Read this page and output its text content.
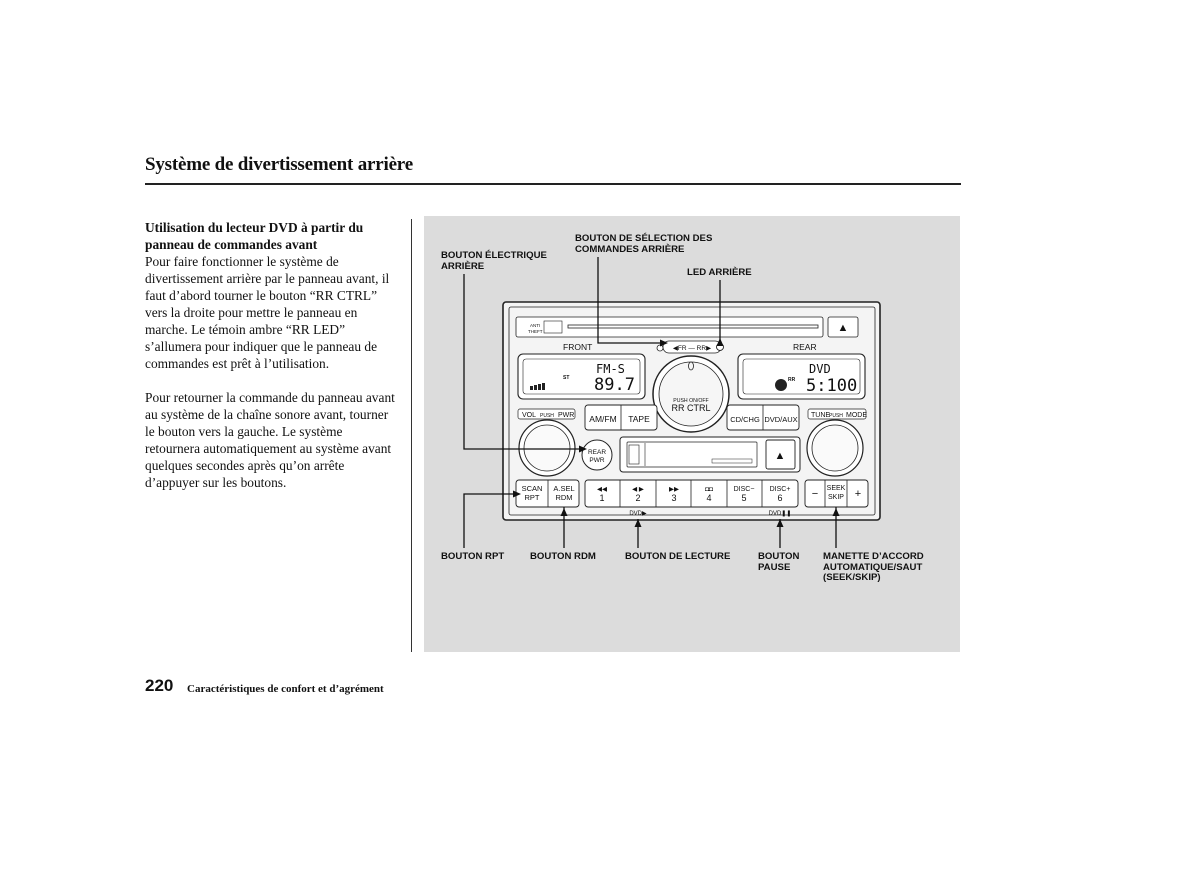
Système de divertissement arrière
Utilisation du lecteur DVD à partir du panneau de commandes avant

Pour faire fonctionner le système de divertissement arrière par le panneau avant, il faut d’abord tourner le bouton “RR CTRL” vers la droite pour mettre le panneau en marche. Le témoin ambre “RR LED” s’allumera pour indiquer que le panneau de commandes est prêt à l’utilisation.

Pour retourner la commande du panneau avant au système de la chaîne sonore avant, tourner le bouton vers la gauche. Le système retournera automatiquement au système avant quelques secondes après qu’on arrête d’appuyer sur les boutons.

BOUTON ÉLECTRIQUE ARRIÈRE
BOUTON DE SÉLECTION DES COMMANDES ARRIÈRE
LED ARRIÈRE
BOUTON RPT	BOUTON RDM	BOUTON DE LECTURE	BOUTON PAUSE
MANETTE D’ACCORD AUTOMATIQUE/SAUT (SEEK/SKIP)
ANTI
THEFT	▲
FRONT	REAR
FM-S
ST 89.7
DVD
RR 5:100
◀FR — RR▶
PUSH ON/OFF
RR CTRL
VOL PUSH PWR	TUNE
PUSH MODE
AM/FM TAPE	CD/CHG DVD/AUX
REAR
PWR	▲
SCAN
RPT
A.SEL
RDM
◀◀
1
◀ ▶
2
▶▶
3
◘◘
4
DISC−
5
DISC+
6
DVD▶	DVD❚❚
− SEEK
SKIP +
220 Caractéristiques de confort et d’agrément
